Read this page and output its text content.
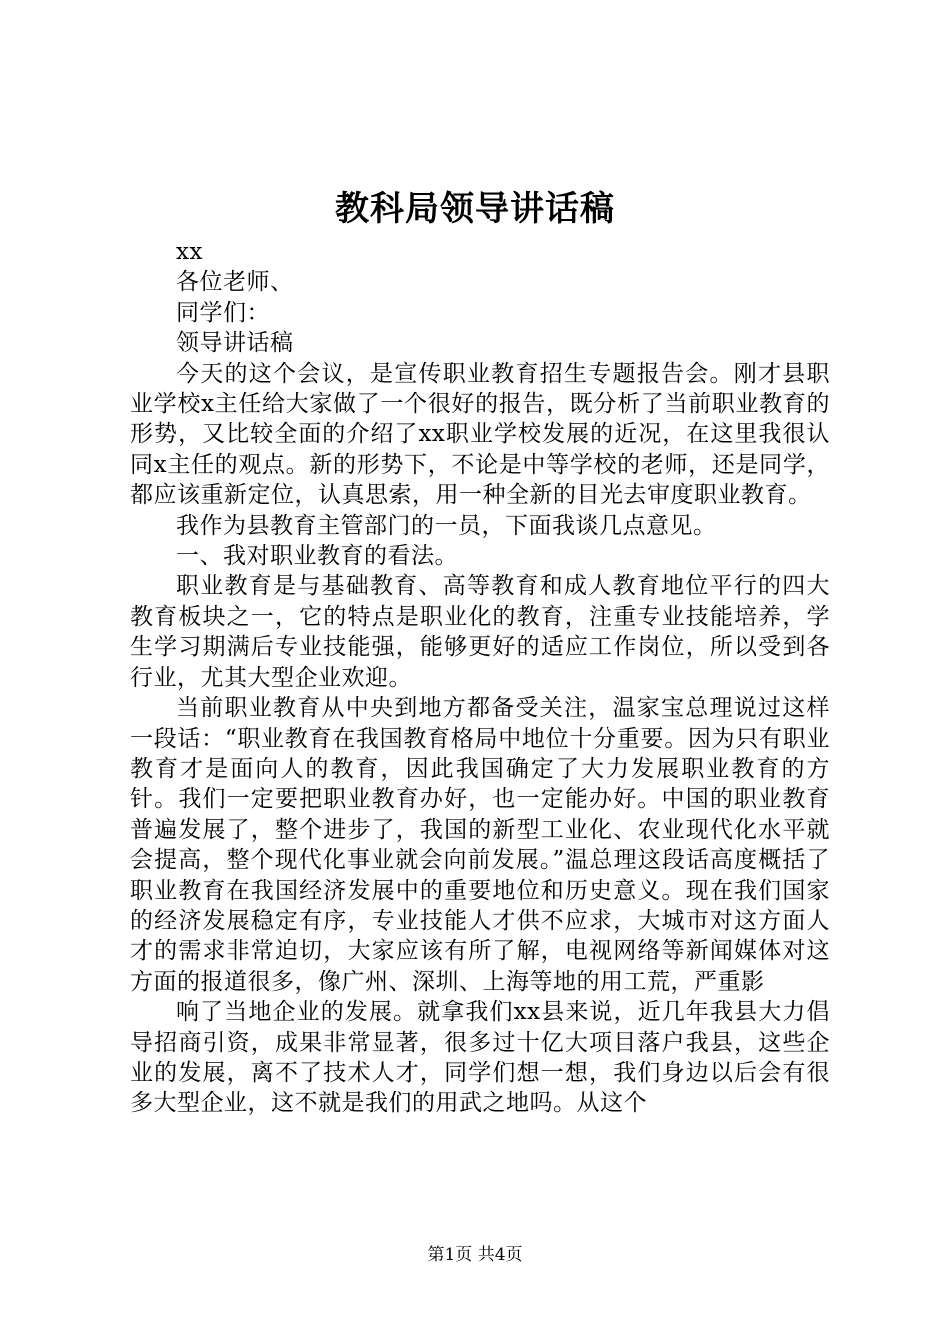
教科局领导讲话稿

xx

各位老师、

同学们：

领导讲话稿

今天的这个会议，是宣传职业教育招生专题报告会。刚才县职业学校x主任给大家做了一个很好的报告，既分析了当前职业教育的形势，又比较全面的介绍了xx职业学校发展的近况，在这里我很认同x主任的观点。新的形势下，不论是中等学校的老师，还是同学，都应该重新定位，认真思索，用一种全新的目光去审度职业教育。

我作为县教育主管部门的一员，下面我谈几点意见。

一、我对职业教育的看法。

职业教育是与基础教育、高等教育和成人教育地位平行的四大教育板块之一，它的特点是职业化的教育，注重专业技能培养，学生学习期满后专业技能强，能够更好的适应工作岗位，所以受到各行业，尤其大型企业欢迎。

当前职业教育从中央到地方都备受关注，温家宝总理说过这样一段话：“职业教育在我国教育格局中地位十分重要。因为只有职业教育才是面向人的教育，因此我国确定了大力发展职业教育的方针。我们一定要把职业教育办好，也一定能办好。中国的职业教育普遍发展了，整个进步了，我国的新型工业化、农业现代化水平就会提高，整个现代化事业就会向前发展。”温总理这段话高度概括了职业教育在我国经济发展中的重要地位和历史意义。现在我们国家的经济发展稳定有序，专业技能人才供不应求，大城市对这方面人才的需求非常迫切，大家应该有所了解，电视网络等新闻媒体对这方面的报道很多，像广州、深圳、上海等地的用工荒，严重影

响了当地企业的发展。就拿我们xx县来说，近几年我县大力倡导招商引资，成果非常显著，很多过十亿大项目落户我县，这些企业的发展，离不了技术人才，同学们想一想，我们身边以后会有很多大型企业，这不就是我们的用武之地吗。从这个

第1页 共4页
